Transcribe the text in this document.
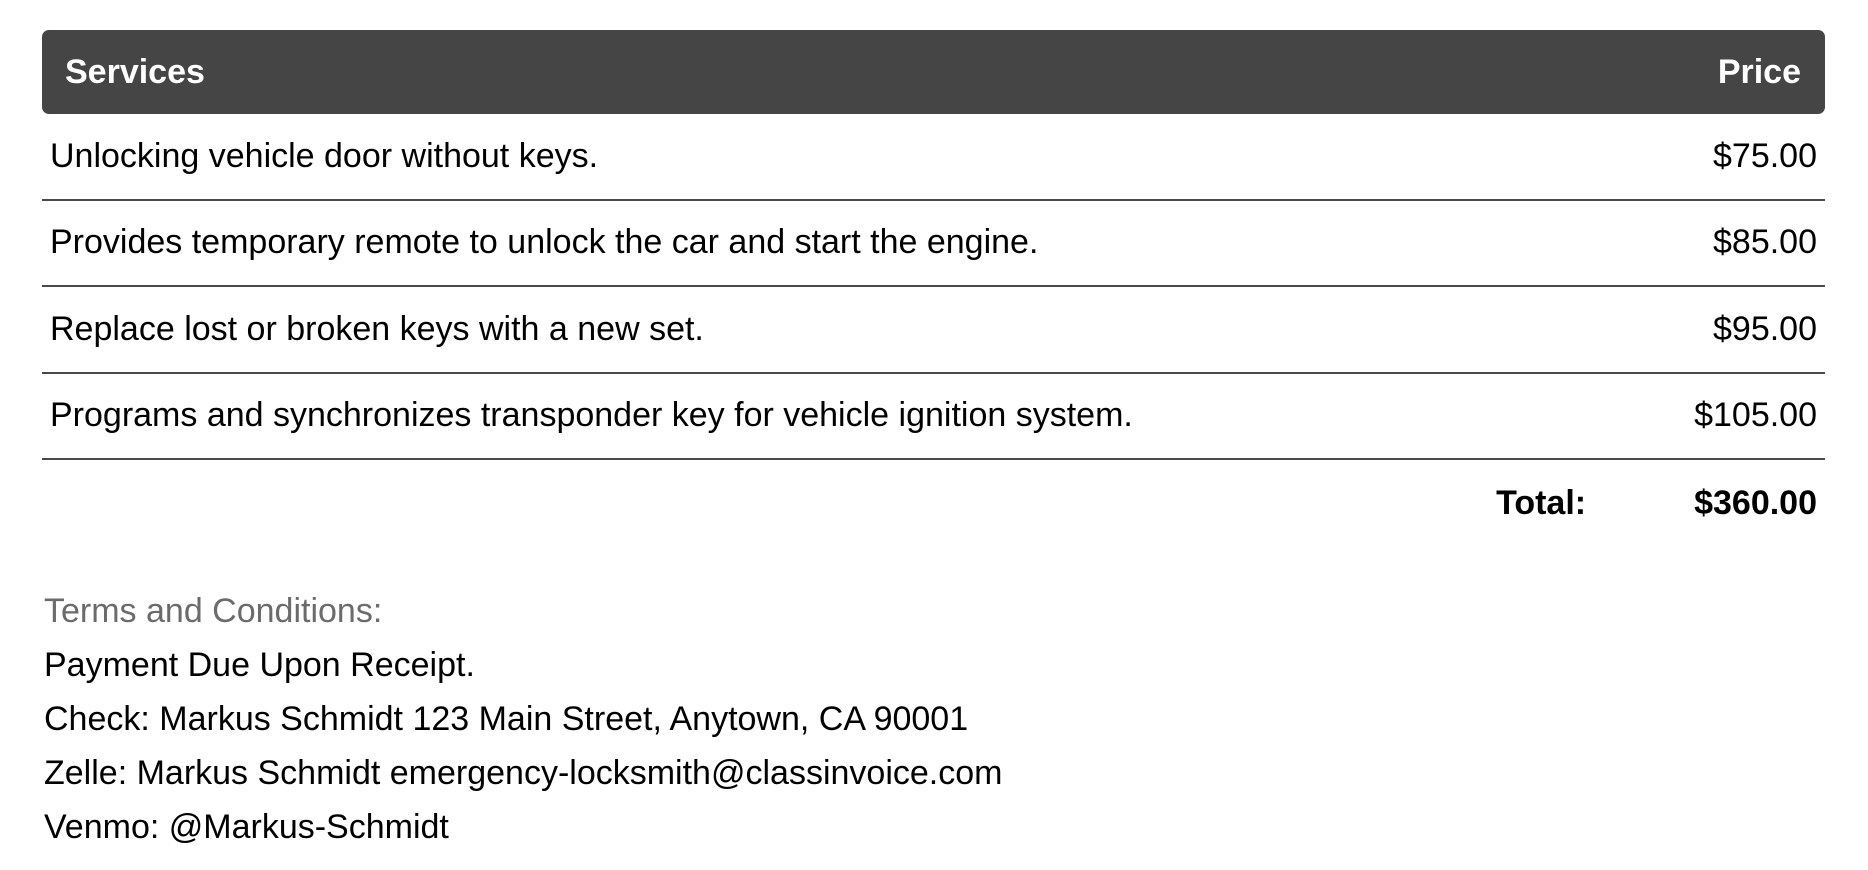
Services	Price
Unlocking vehicle door without keys.	$75.00
Provides temporary remote to unlock the car and start the engine.	$85.00
Replace lost or broken keys with a new set.	$95.00
Programs and synchronizes transponder key for vehicle ignition system.	$105.00
Total:	$360.00
Terms and Conditions:
Payment Due Upon Receipt.
Check: Markus Schmidt 123 Main Street, Anytown, CA 90001
Zelle: Markus Schmidt emergency-locksmith@classinvoice.com
Venmo: @Markus-Schmidt
